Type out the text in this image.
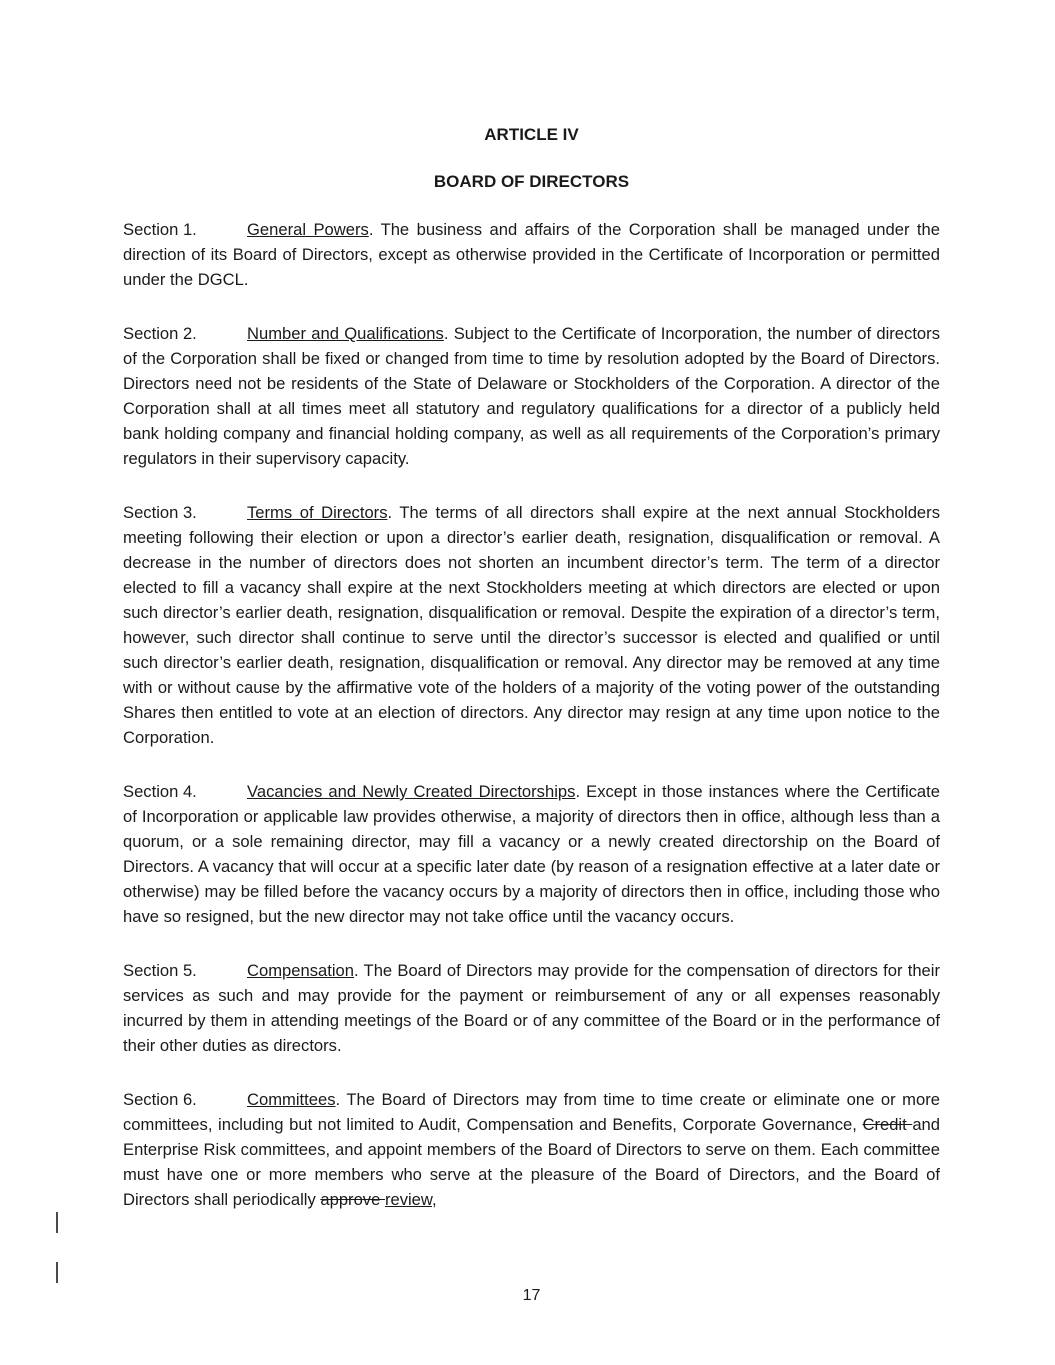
ARTICLE IV
BOARD OF DIRECTORS

Section 1.	General Powers. The business and affairs of the Corporation shall be managed under the direction of its Board of Directors, except as otherwise provided in the Certificate of Incorporation or permitted under the DGCL.

Section 2.	Number and Qualifications. Subject to the Certificate of Incorporation, the number of directors of the Corporation shall be fixed or changed from time to time by resolution adopted by the Board of Directors. Directors need not be residents of the State of Delaware or Stockholders of the Corporation. A director of the Corporation shall at all times meet all statutory and regulatory qualifications for a director of a publicly held bank holding company and financial holding company, as well as all requirements of the Corporation’s primary regulators in their supervisory capacity.

Section 3.	Terms of Directors. The terms of all directors shall expire at the next annual Stockholders meeting following their election or upon a director’s earlier death, resignation, disqualification or removal. A decrease in the number of directors does not shorten an incumbent director’s term. The term of a director elected to fill a vacancy shall expire at the next Stockholders meeting at which directors are elected or upon such director’s earlier death, resignation, disqualification or removal. Despite the expiration of a director’s term, however, such director shall continue to serve until the director’s successor is elected and qualified or until such director’s earlier death, resignation, disqualification or removal. Any director may be removed at any time with or without cause by the affirmative vote of the holders of a majority of the voting power of the outstanding Shares then entitled to vote at an election of directors. Any director may resign at any time upon notice to the Corporation.

Section 4.	Vacancies and Newly Created Directorships. Except in those instances where the Certificate of Incorporation or applicable law provides otherwise, a majority of directors then in office, although less than a quorum, or a sole remaining director, may fill a vacancy or a newly created directorship on the Board of Directors. A vacancy that will occur at a specific later date (by reason of a resignation effective at a later date or otherwise) may be filled before the vacancy occurs by a majority of directors then in office, including those who have so resigned, but the new director may not take office until the vacancy occurs.

Section 5.	Compensation. The Board of Directors may provide for the compensation of directors for their services as such and may provide for the payment or reimbursement of any or all expenses reasonably incurred by them in attending meetings of the Board or of any committee of the Board or in the performance of their other duties as directors.

Section 6.	Committees. The Board of Directors may from time to time create or eliminate one or more committees, including but not limited to Audit, Compensation and Benefits, Corporate Governance, Credit and Enterprise Risk committees, and appoint members of the Board of Directors to serve on them. Each committee must have one or more members who serve at the pleasure of the Board of Directors, and the Board of Directors shall periodically approve review,

17
